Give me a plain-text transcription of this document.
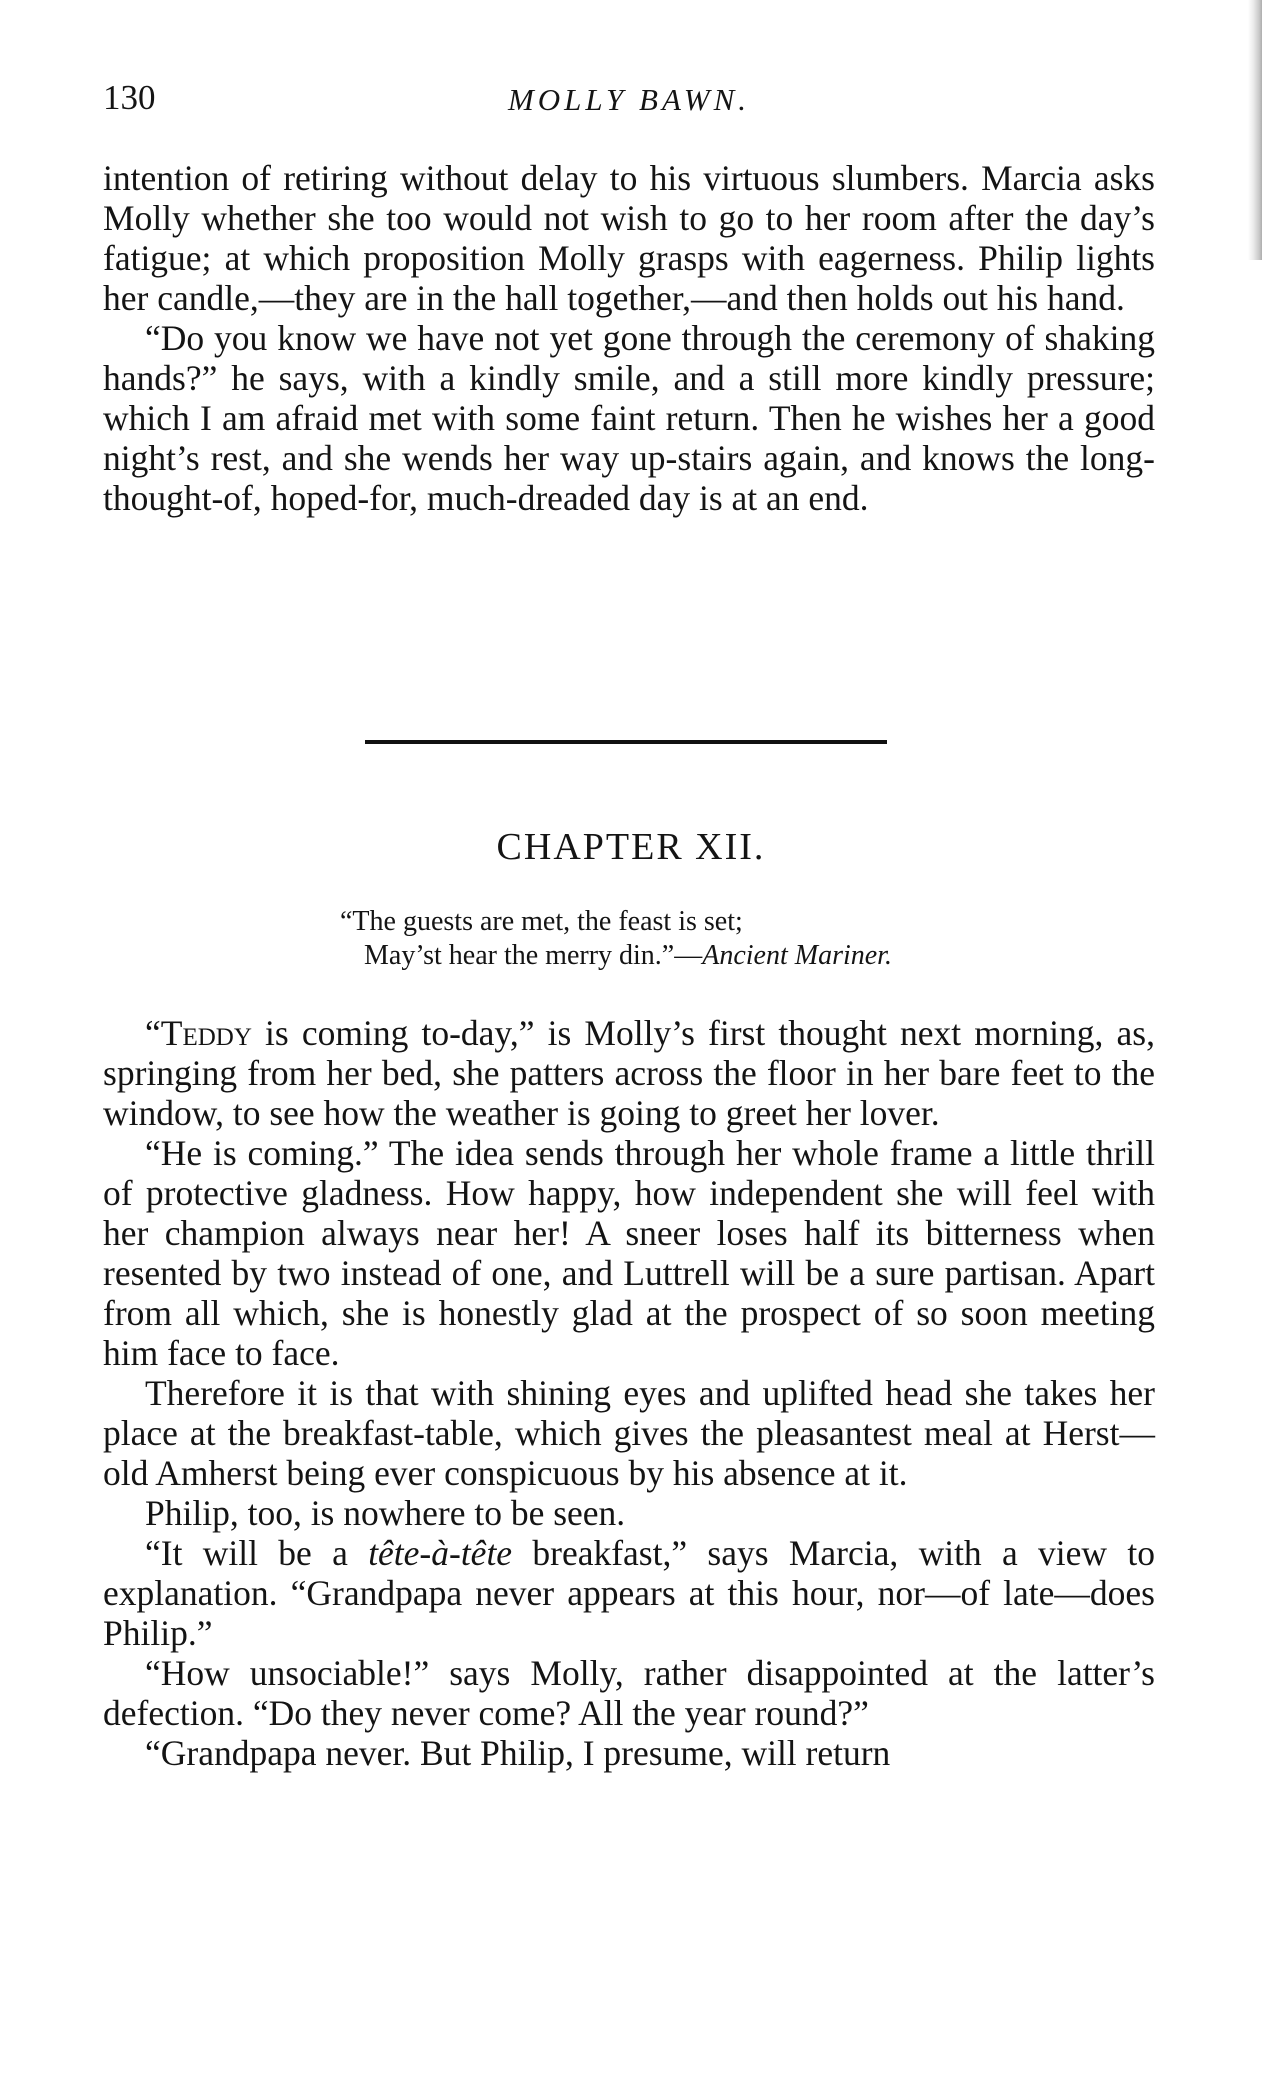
130	MOLLY BAWN.

intention of retiring without delay to his virtuous slumbers. Marcia asks Molly whether she too would not wish to go to her room after the day’s fatigue; at which proposition Molly grasps with eagerness. Philip lights her candle,—they are in the hall together,—and then holds out his hand.

“Do you know we have not yet gone through the ceremony of shaking hands?” he says, with a kindly smile, and a still more kindly pressure; which I am afraid met with some faint return. Then he wishes her a good night’s rest, and she wends her way up-stairs again, and knows the long-thought-of, hoped-for, much-dreaded day is at an end.

CHAPTER XII.
“The guests are met, the feast is set;
May’st hear the merry din.”—Ancient Mariner.

“Teddy is coming to-day,” is Molly’s first thought next morning, as, springing from her bed, she patters across the floor in her bare feet to the window, to see how the weather is going to greet her lover.

“He is coming.” The idea sends through her whole frame a little thrill of protective gladness. How happy, how independent she will feel with her champion always near her! A sneer loses half its bitterness when resented by two instead of one, and Luttrell will be a sure partisan. Apart from all which, she is honestly glad at the prospect of so soon meeting him face to face.

Therefore it is that with shining eyes and uplifted head she takes her place at the breakfast-table, which gives the pleasantest meal at Herst—old Amherst being ever conspicuous by his absence at it.

Philip, too, is nowhere to be seen.

“It will be a tête-à-tête breakfast,” says Marcia, with a view to explanation. “Grandpapa never appears at this hour, nor—of late—does Philip.”

“How unsociable!” says Molly, rather disappointed at the latter’s defection. “Do they never come? All the year round?”

“Grandpapa never. But Philip, I presume, will return
